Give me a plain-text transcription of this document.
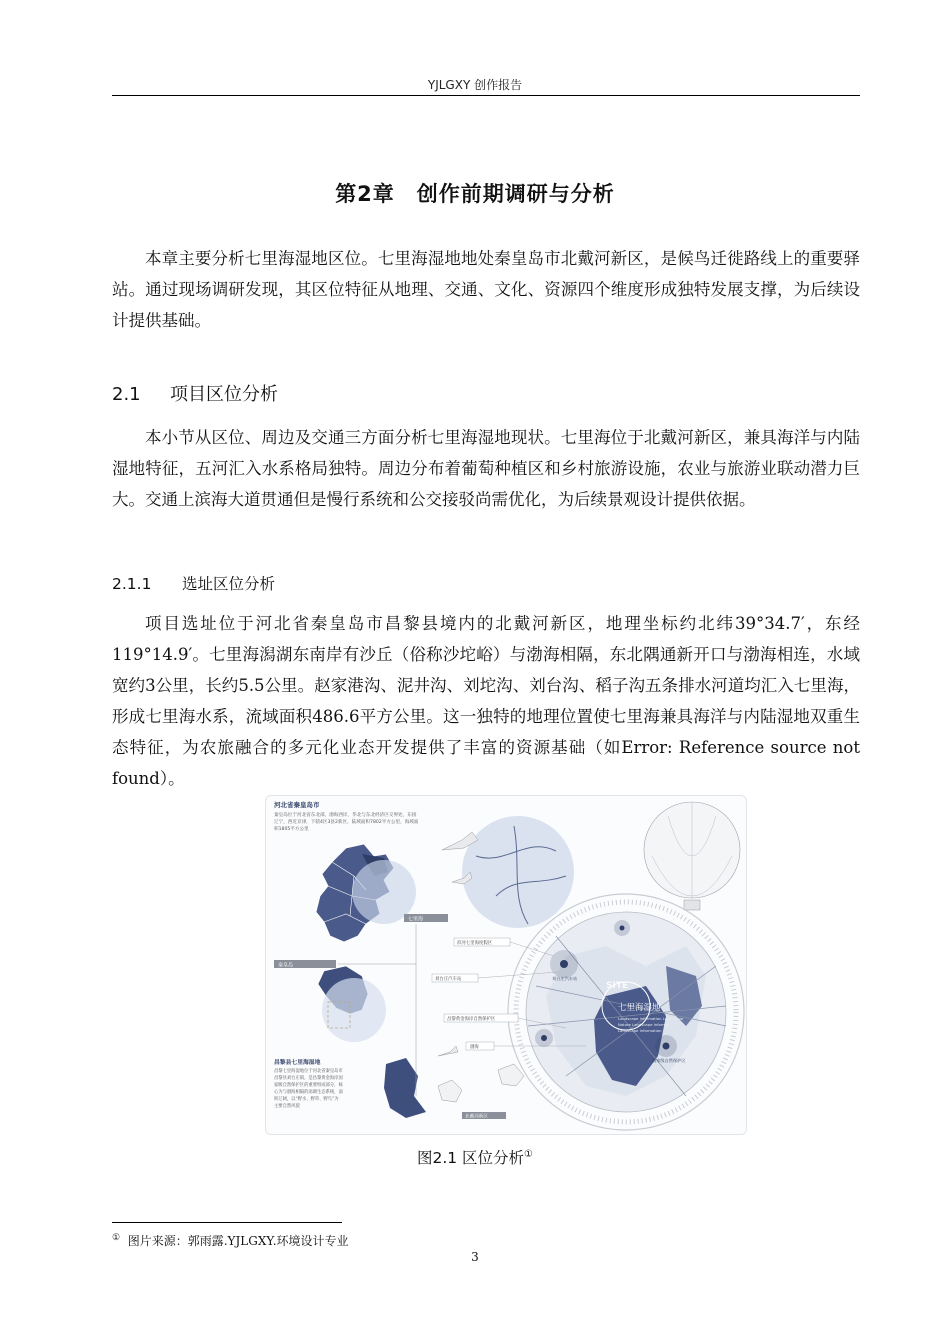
YJLGXY 创作报告
第2章　创作前期调研与分析

本章主要分析七里海湿地区位。七里海湿地地处秦皇岛市北戴河新区，是候鸟迁徙路线上的重要驿站。通过现场调研发现，其区位特征从地理、交通、文化、资源四个维度形成独特发展支撑，为后续设计提供基础。

2.1 项目区位分析

本小节从区位、周边及交通三方面分析七里海湿地现状。七里海位于北戴河新区，兼具海洋与内陆湿地特征，五河汇入水系格局独特。周边分布着葡萄种植区和乡村旅游设施，农业与旅游业联动潜力巨大。交通上滨海大道贯通但是慢行系统和公交接驳尚需优化，为后续景观设计提供依据。

2.1.1 选址区位分析

项目选址位于河北省秦皇岛市昌黎县境内的北戴河新区，地理坐标约北纬39°34.7′，东经119°14.9′。七里海潟湖东南岸有沙丘（俗称沙坨峪）与渤海相隔，东北隅通新开口与渤海相连，水域宽约3公里，长约5.5公里。赵家港沟、泥井沟、刘坨沟、刘台沟、稻子沟五条排水河道均汇入七里海，形成七里海水系，流域面积486.6平方公里。这一独特的地理位置使七里海兼具海洋与内陆湿地双重生态特征，为农旅融合的多元化业态开发提供了丰富的资源基础（如Error: Reference source not found）。

河北省秦皇岛市
秦皇岛位于河北省东北部，渤海西岸，华北与东北经济区交界处，东接
辽宁，西近京津，下辖4区3县2新区，陆域面积7802平方公里，海域面
积1805平方公里
昌黎县七里海湿地
昌黎七里海湿地位于河北省秦皇岛市
昌黎县刘台庄镇，是昌黎黄金海岸国
家级自然保护区的重要组成部分，核
心为与渤海相隔的潟湖生态系统，面
积辽阔，以“野水、野草、野鸟”为
主要自然风貌
七里海
秦皇岛
北戴河新区
SITE
七里海湿地
Landscape Information Landscape
Nature Landscape Informa
Landscape Information
刘台庄汽车站
国家级自然保护区
滨河七里海度假区
刘台庄汽车站
昌黎黄金海岸自然保护区
渤海
图2.1 区位分析①
① 图片来源：郭雨露.YJLGXY.环境设计专业
3
